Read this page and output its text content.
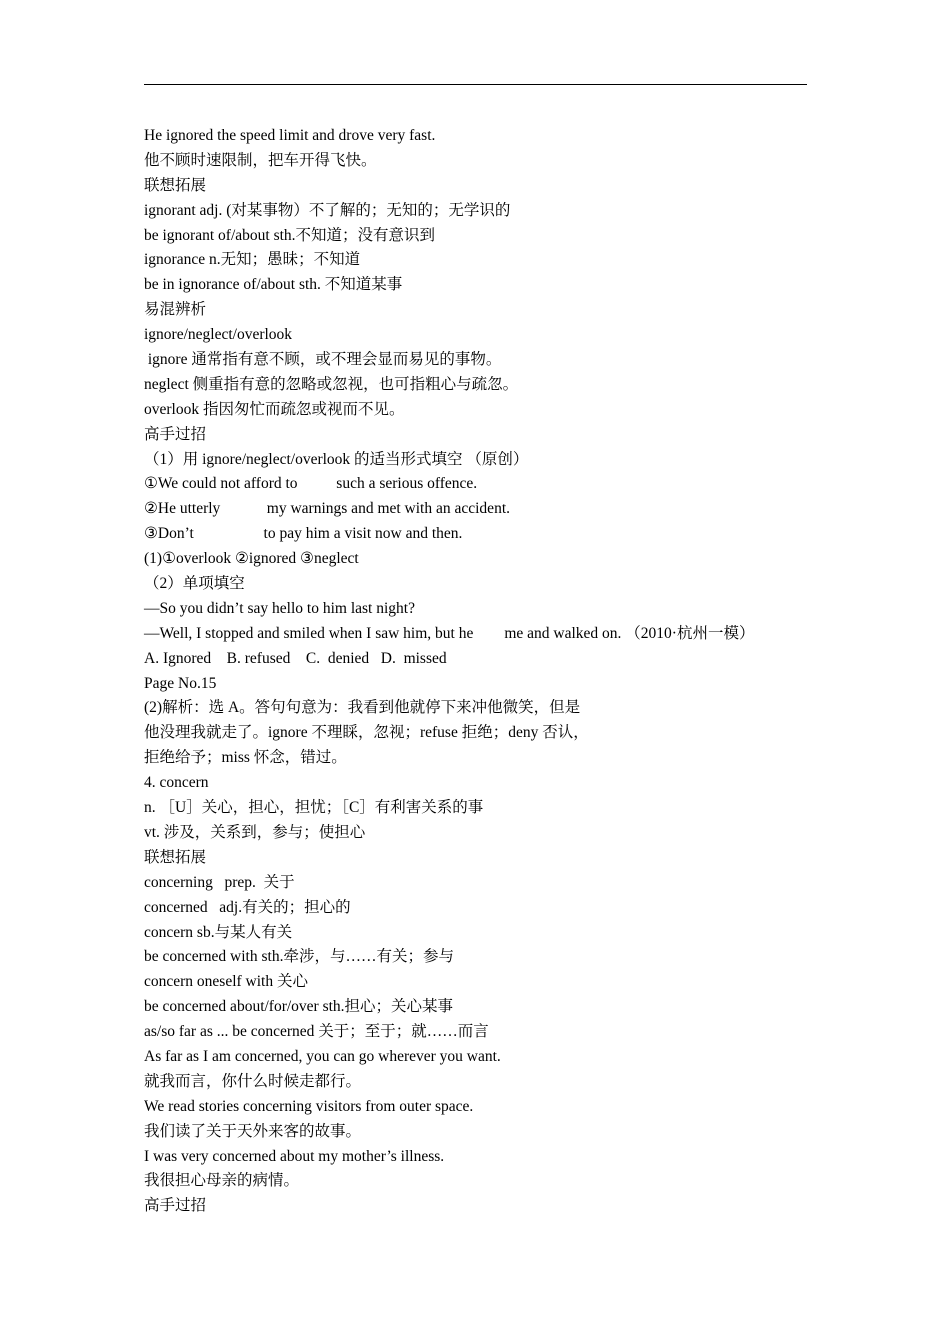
He ignored the speed limit and drove very fast.
他不顾时速限制，把车开得飞快。
联想拓展
ignorant adj. (对某事物）不了解的；无知的；无学识的
be ignorant of/about sth.不知道；没有意识到
ignorance n.无知；愚昧；不知道
be in ignorance of/about sth. 不知道某事
易混辨析
ignore/neglect/overlook
ignore 通常指有意不顾，或不理会显而易见的事物。
neglect 侧重指有意的忽略或忽视，也可指粗心与疏忽。
overlook 指因匆忙而疏忽或视而不见。
高手过招
（1）用 ignore/neglect/overlook 的适当形式填空 （原创）
①We could not afford to          such a serious offence.
②He utterly            my warnings and met with an accident.
③Don’t                  to pay him a visit now and then.
(1)①overlook ②ignored ③neglect
（2）单项填空
—So you didn’t say hello to him last night?
—Well, I stopped and smiled when I saw him, but he        me and walked on. （2010·杭州一模）
A. Ignored    B. refused    C.  denied   D.  missed
Page No.15
(2)解析：选 A。答句句意为：我看到他就停下来冲他微笑，但是
他没理我就走了。ignore 不理睬，忽视；refuse 拒绝；deny 否认，
拒绝给予；miss 怀念，错过。
4. concern
n. ［U］关心，担心，担忧；［C］有利害关系的事
vt. 涉及，关系到，参与；使担心
联想拓展
concerning   prep.  关于
concerned   adj.有关的；担心的
concern sb.与某人有关
be concerned with sth.牵涉，与……有关；参与
concern oneself with 关心
be concerned about/for/over sth.担心；关心某事
as/so far as ... be concerned 关于；至于；就……而言
As far as I am concerned, you can go wherever you want.
就我而言，你什么时候走都行。
We read stories concerning visitors from outer space.
我们读了关于天外来客的故事。
I was very concerned about my mother’s illness.
我很担心母亲的病情。
高手过招
